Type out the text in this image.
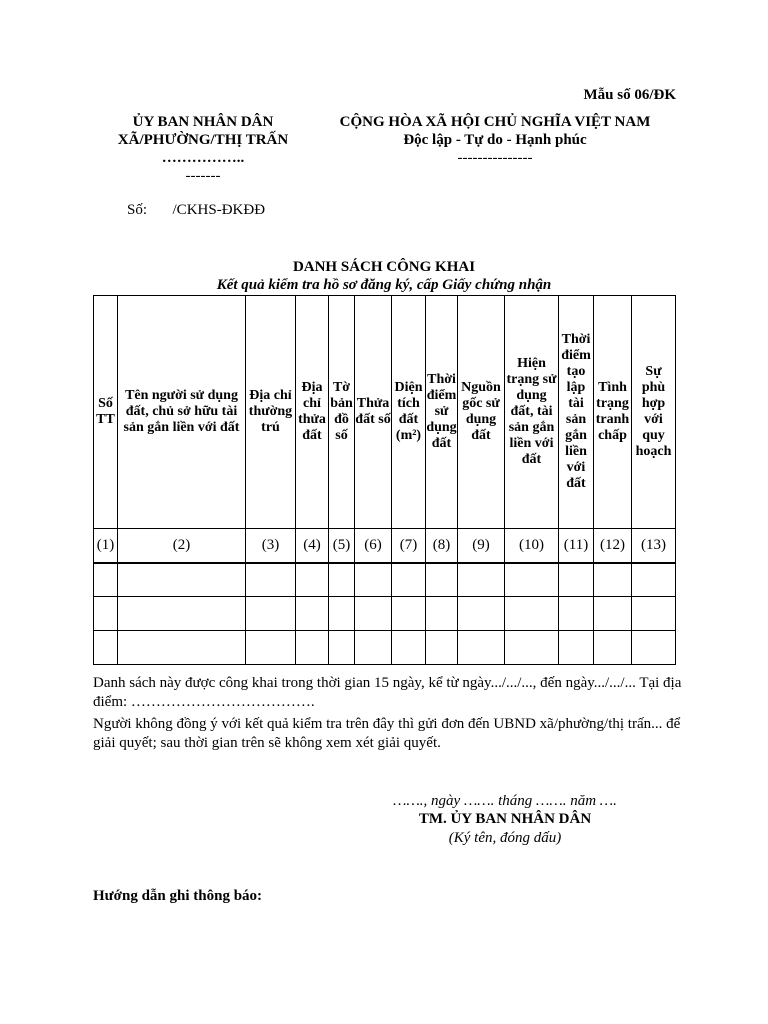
Mẫu số 06/ĐK
ỦY BAN NHÂN DÂN
XÃ/PHƯỜNG/THỊ TRẤN
……………..
-------
CỘNG HÒA XÃ HỘI CHỦ NGHĨA VIỆT NAM
Độc lập - Tự do - Hạnh phúc
---------------
Số: /CKHS-ĐKĐĐ
DANH SÁCH CÔNG KHAI
Kết quả kiểm tra hồ sơ đăng ký, cấp Giấy chứng nhận
Số TT	Tên người sử dụng đất, chủ sở hữu tài sản gắn liền với đất	Địa chỉ thường trú	Địa chỉ thửa đất	Tờ bản đồ số	Thửa đất số	Diện tích đất (m²)	Thời điểm sử dụng đất	Nguồn gốc sử dụng đất	Hiện trạng sử dụng đất, tài sản gắn liền với đất	Thời điểm tạo lập tài sản gắn liền với đất	Tình trạng tranh chấp	Sự phù hợp với quy hoạch
(1)	(2)	(3)	(4)	(5)	(6)	(7)	(8)	(9)	(10)	(11)	(12)	(13)

Danh sách này được công khai trong thời gian 15 ngày, kể từ ngày.../.../..., đến ngày.../.../... Tại địa điểm: ……………………………….
Người không đồng ý với kết quả kiểm tra trên đây thì gửi đơn đến UBND xã/phường/thị trấn... để giải quyết; sau thời gian trên sẽ không xem xét giải quyết.
……., ngày ……. tháng ……. năm ….
TM. ỦY BAN NHÂN DÂN
(Ký tên, đóng dấu)
Hướng dẫn ghi thông báo:
